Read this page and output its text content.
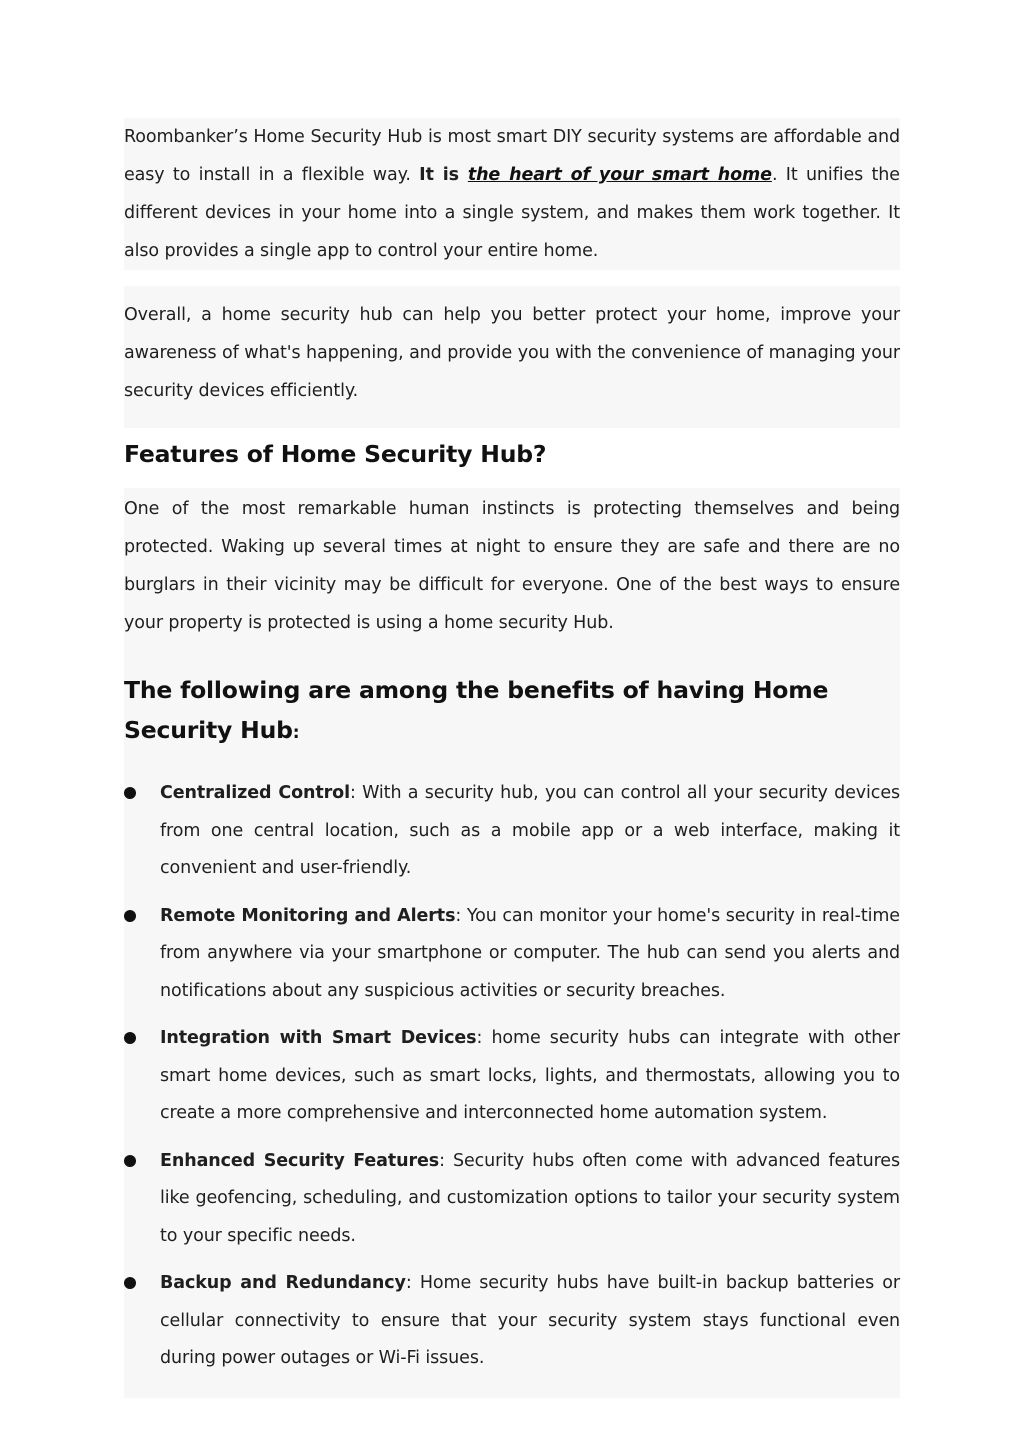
Roombanker’s Home Security Hub is most smart DIY security systems are affordable and easy to install in a flexible way. It is the heart of your smart home. It unifies the different devices in your home into a single system, and makes them work together. It also provides a single app to control your entire home.

Overall, a home security hub can help you better protect your home, improve your awareness of what's happening, and provide you with the convenience of managing your security devices efficiently.

Features of Home Security Hub?

One of the most remarkable human instincts is protecting themselves and being protected. Waking up several times at night to ensure they are safe and there are no burglars in their vicinity may be difficult for everyone. One of the best ways to ensure your property is protected is using a home security Hub.

The following are among the benefits of having Home Security Hub:

Centralized Control: With a security hub, you can control all your security devices from one central location, such as a mobile app or a web interface, making it convenient and user-friendly.

Remote Monitoring and Alerts: You can monitor your home's security in real-time from anywhere via your smartphone or computer. The hub can send you alerts and notifications about any suspicious activities or security breaches.

Integration with Smart Devices: home security hubs can integrate with other smart home devices, such as smart locks, lights, and thermostats, allowing you to create a more comprehensive and interconnected home automation system.

Enhanced Security Features: Security hubs often come with advanced features like geofencing, scheduling, and customization options to tailor your security system to your specific needs.

Backup and Redundancy: Home security hubs have built-in backup batteries or cellular connectivity to ensure that your security system stays functional even during power outages or Wi-Fi issues.
